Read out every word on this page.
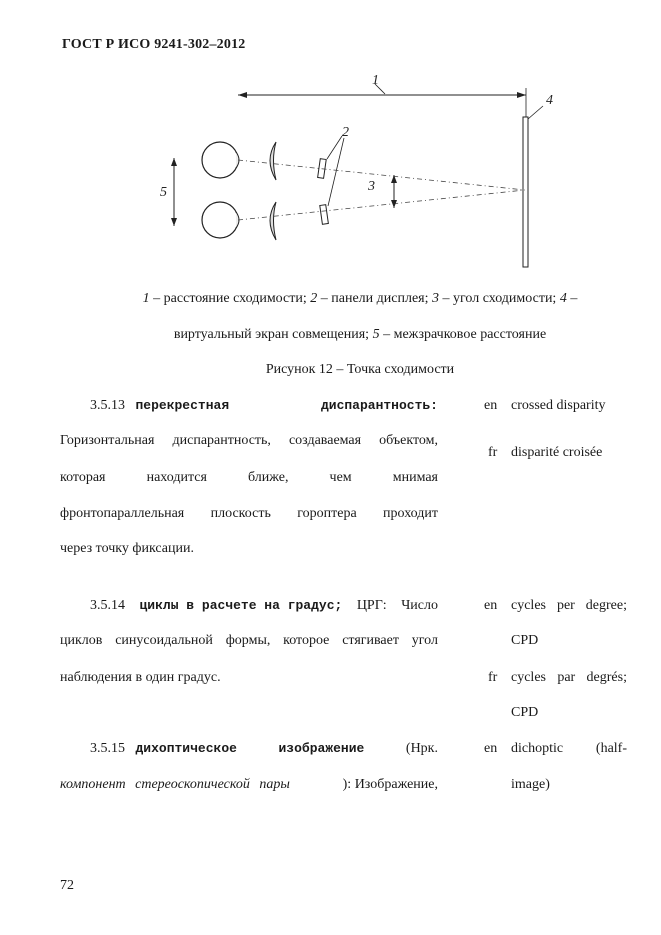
ГОСТ Р ИСО 9241-302–2012
1
2
3
4
5
1 – расстояние сходимости; 2 – панели дисплея; 3 – угол сходимости; 4 –
виртуальный экран совмещения; 5 – межзрачковое расстояние
Рисунок 12 – Точка сходимости
3.5.13 перекрестная	диспарантность:
Горизонтальная диспарантность, создаваемая объектом,
которая находится ближе, чем мнимая
фронтопараллельная плоскость гороптера проходит
через точку фиксации.
en crossed disparity
fr disparité croisée
3.5.14 циклы в расчете на градус; ЦРГ: Число
циклов синусоидальной формы, которое стягивает угол
наблюдения в один градус.
en cycles per degree;
CPD
fr cycles par degrés;
CPD
3.5.15 дихоптическое	изображение	(Нрк.
компонент стереоскопической пары	): Изображение,
en dichoptic (half-
image)
72
